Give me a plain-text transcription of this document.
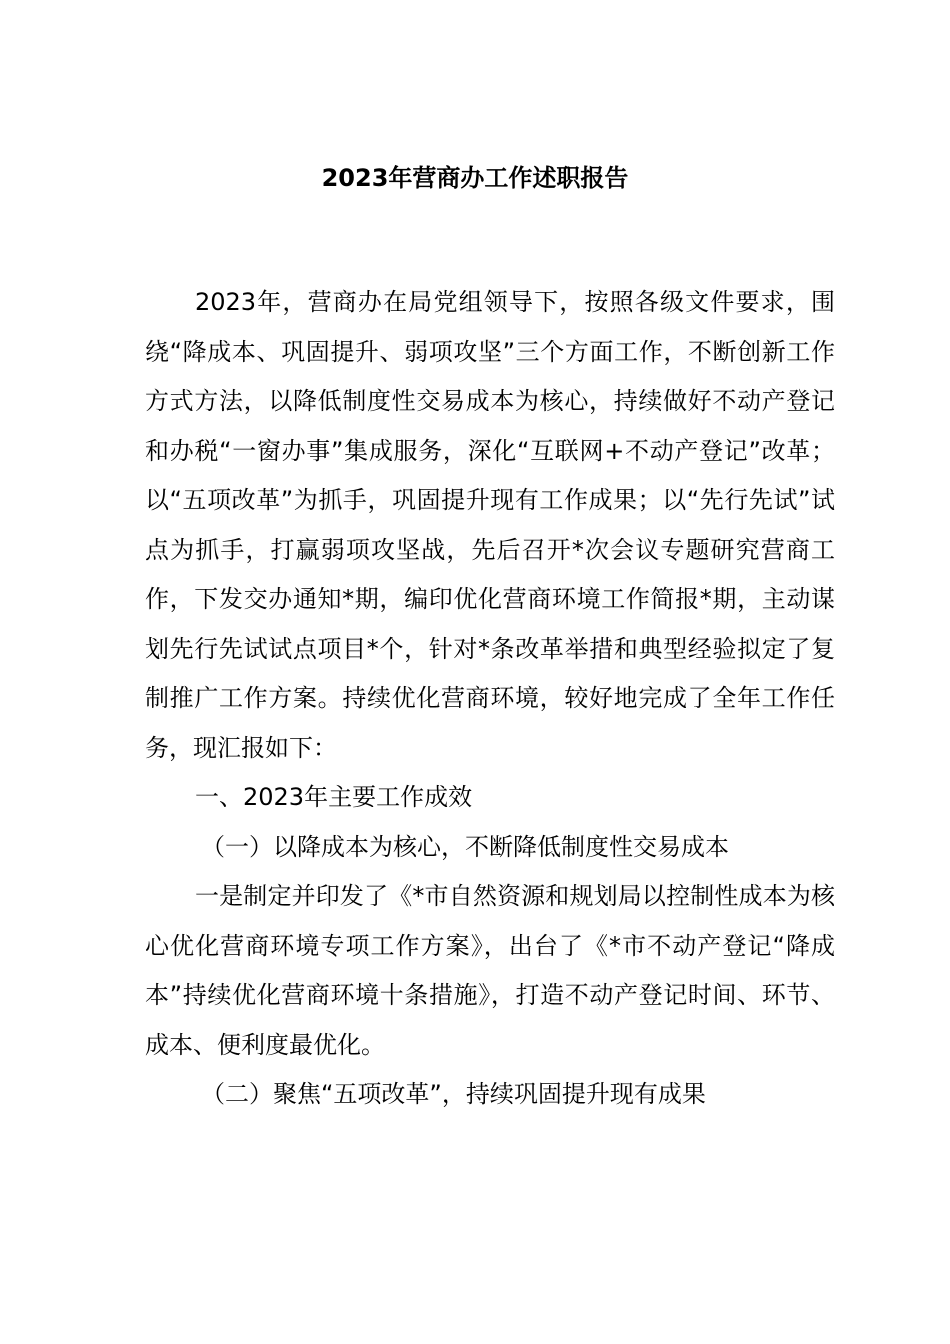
2023年营商办工作述职报告

2023年，营商办在局党组领导下，按照各级文件要求，围绕“降成本、巩固提升、弱项攻坚”三个方面工作，不断创新工作方式方法，以降低制度性交易成本为核心，持续做好不动产登记和办税“一窗办事”集成服务，深化“互联网+不动产登记”改革；以“五项改革”为抓手，巩固提升现有工作成果；以“先行先试”试点为抓手，打赢弱项攻坚战，先后召开*次会议专题研究营商工作，下发交办通知*期，编印优化营商环境工作简报*期，主动谋划先行先试试点项目*个，针对*条改革举措和典型经验拟定了复制推广工作方案。持续优化营商环境，较好地完成了全年工作任务，现汇报如下：

一、2023年主要工作成效

（一）以降成本为核心，不断降低制度性交易成本

一是制定并印发了《*市自然资源和规划局以控制性成本为核心优化营商环境专项工作方案》，出台了《*市不动产登记“降成本”持续优化营商环境十条措施》，打造不动产登记时间、环节、成本、便利度最优化。

（二）聚焦“五项改革”，持续巩固提升现有成果
